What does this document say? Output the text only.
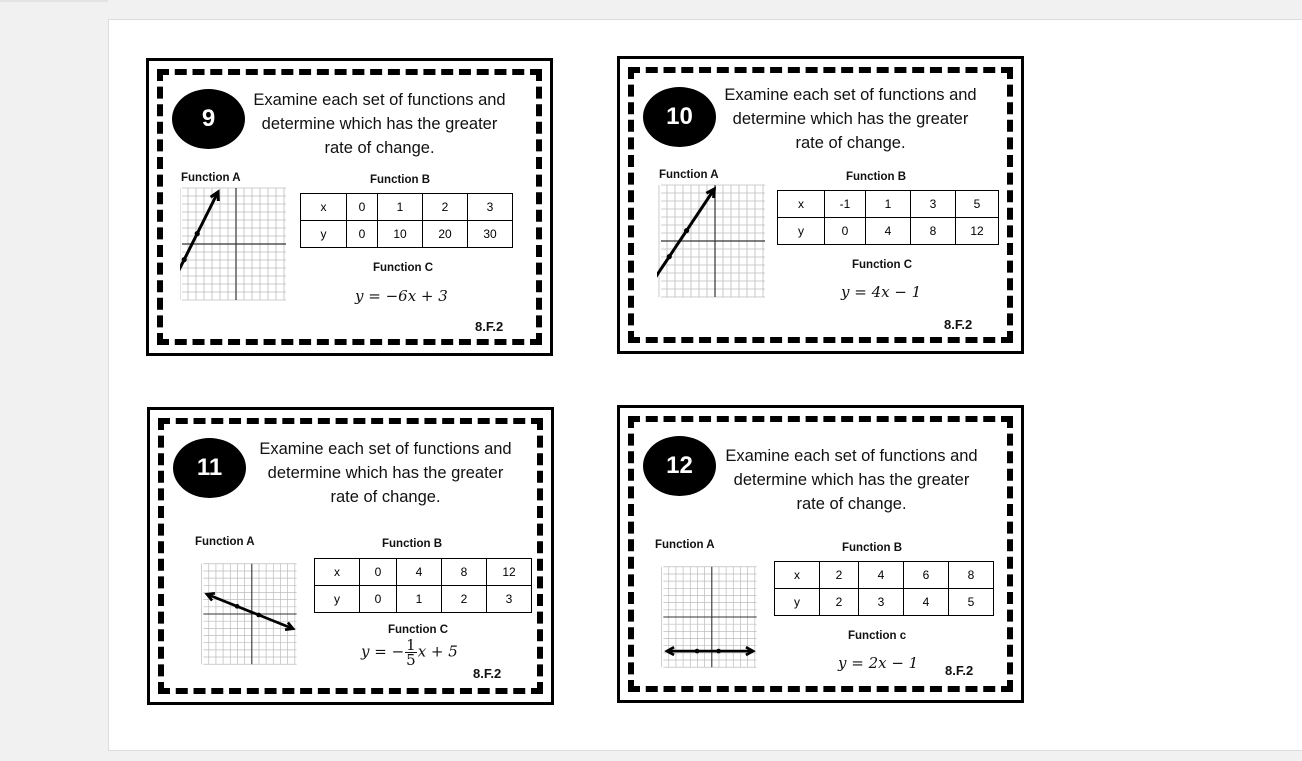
9
Examine each set of functions and determine which has the greater rate of change.
Function A	Function B
x	0	1	2	3
y	0	10	20	30
Function C
y = −6x + 3
8.F.2
10
Examine each set of functions and determine which has the greater rate of change.
Function A	Function B
x	-1	1	3	5
y	0	4	8	12
Function C
y = 4x − 1
8.F.2
11
Examine each set of functions and determine which has the greater rate of change.
Function A	Function B
x	0	4	8	12
y	0	1	2	3
Function C
y = − $\frac{1}{5}$ x + 5
8.F.2
12	Examine each set of functions and determine which has the greater rate of change.
Function A	Function B
x	2	4	6	8
y	2	3	4	5
Function c
y = 2x − 1 8.F.2
